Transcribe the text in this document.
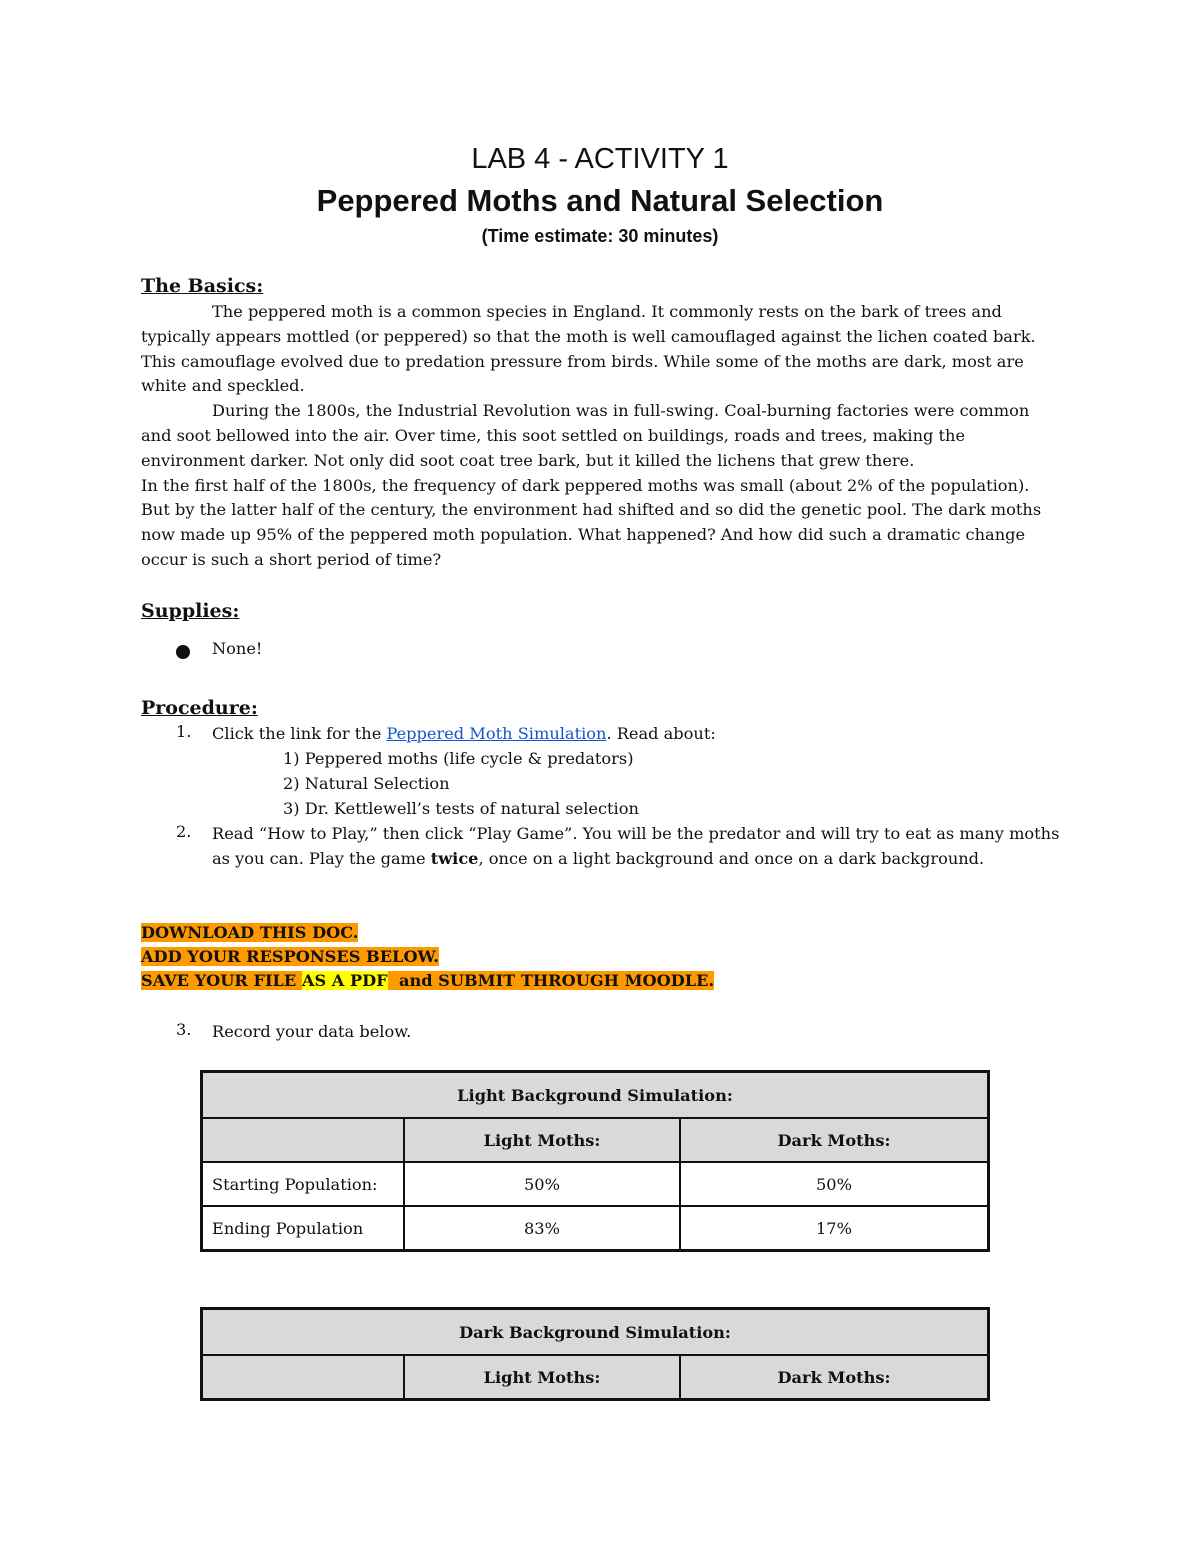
LAB 4 - ACTIVITY 1
Peppered Moths and Natural Selection
(Time estimate: 30 minutes)
The Basics:

The peppered moth is a common species in England. It commonly rests on the bark of trees and typically appears mottled (or peppered) so that the moth is well camouflaged against the lichen coated bark. This camouflage evolved due to predation pressure from birds. While some of the moths are dark, most are white and speckled.

During the 1800s, the Industrial Revolution was in full-swing. Coal-burning factories were common and soot bellowed into the air. Over time, this soot settled on buildings, roads and trees, making the environment darker. Not only did soot coat tree bark, but it killed the lichens that grew there.

In the first half of the 1800s, the frequency of dark peppered moths was small (about 2% of the population). But by the latter half of the century, the environment had shifted and so did the genetic pool. The dark moths now made up 95% of the peppered moth population. What happened? And how did such a dramatic change occur is such a short period of time?

Supplies:
None!
Procedure:
1. Click the link for the Peppered Moth Simulation. Read about:
1) Peppered moths (life cycle & predators)
2) Natural Selection
3) Dr. Kettlewell’s tests of natural selection
2. Read “How to Play,” then click “Play Game”. You will be the predator and will try to eat as many moths as you can. Play the game twice, once on a light background and once on a dark background.
DOWNLOAD THIS DOC.
ADD YOUR RESPONSES BELOW.
SAVE YOUR FILE AS A PDF  and SUBMIT THROUGH MOODLE.
3. Record your data below.
Light Background Simulation:		
	Light Moths:	Dark Moths:
Starting Population:	50%	50%
Ending Population	83%	17%
Dark Background Simulation:
	Light Moths:	Dark Moths:
